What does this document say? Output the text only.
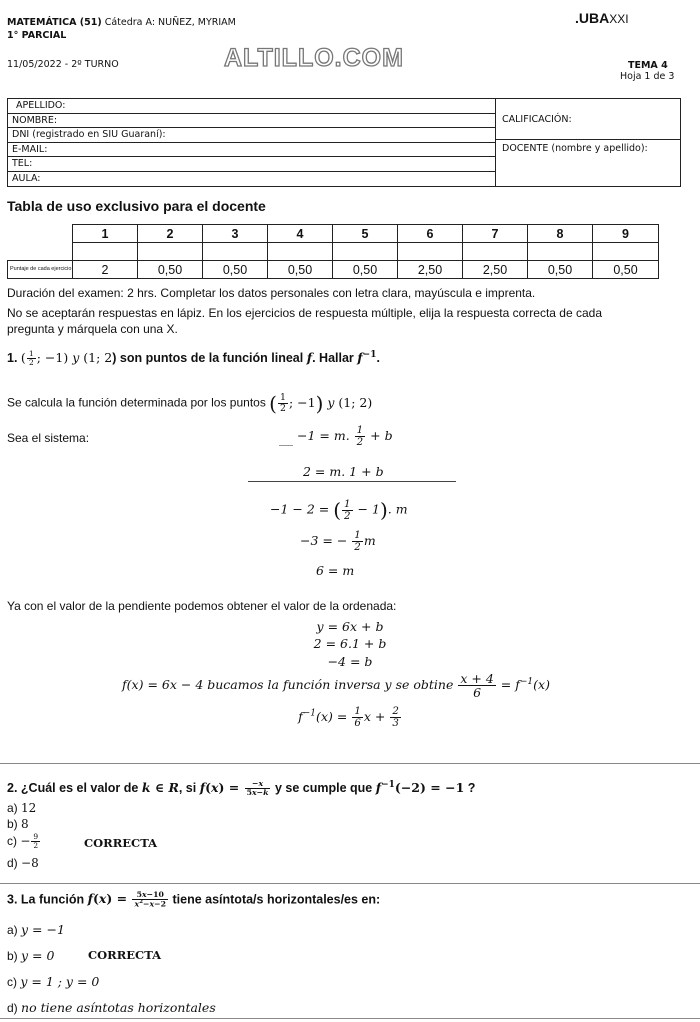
MATEMÁTICA (51) Cátedra A: NUÑEZ, MYRIAM
1° PARCIAL
11/05/2022 - 2º TURNO	ALTILLO.COM
.UBAXXI
TEMA 4
Hoja 1 de 3
APELLIDO:
NOMBRE:
DNI (registrado en SIU Guaraní):
E-MAIL:
TEL:
AULA:
CALIFICACIÓN:
DOCENTE (nombre y apellido):
Tabla de uso exclusivo para el docente
	1	2	3	4	5	6	7	8	9

Puntaje de cada ejercicio	2	0,50	0,50	0,50	0,50	2,50	2,50	0,50	0,50
Duración del examen: 2 hrs. Completar los datos personales con letra clara, mayúscula e imprenta.
No se aceptarán respuestas en lápiz. En los ejercicios de respuesta múltiple, elija la respuesta correcta de cada
pregunta y márquela con una X.
1. ( $\frac{1}{2}$ ; −1) y (1; 2) son puntos de la función lineal f. Hallar $f^{-1}$.
Se calcula la función determinada por los puntos ( $\frac{1}{2}$ ; −1) y (1; 2)
Sea el sistema:	−1 = m. $\frac{1}{2} + b$
2 = m. 1 + b
−1 − 2 = ( $\frac{1}{2} - 1$). m
−3 = − $\frac{1}{2}$ m
6 = m
Ya con el valor de la pendiente podemos obtener el valor de la ordenada:
y = 6x + b
2 = 6.1 + b
−4 = b
f(x) = 6x − 4 bucamos la función inversa y se obtine $\frac{x + 4}{6} = f^{-1}(x)$
$f^{-1}(x) = \frac{1}{6}$ $x + \frac{2}{3}$
2. ¿Cuál es el valor de k ∈ R, si $f(x) = \frac{-x}{5x-k}$ y se cumple que $f^{-1}(-2) = -1$ ?
a) 12
b) 8
$c) - \frac{9}{2}$	CORRECTA
d) −8
3. La función $f(x) = \frac{5x-10}{x^2-x-2}$ tiene asíntota/s horizontales/es en:
a) y = −1
b) y = 0	CORRECTA
c) y = 1 ; y = 0
d) no tiene asíntotas horizontales
